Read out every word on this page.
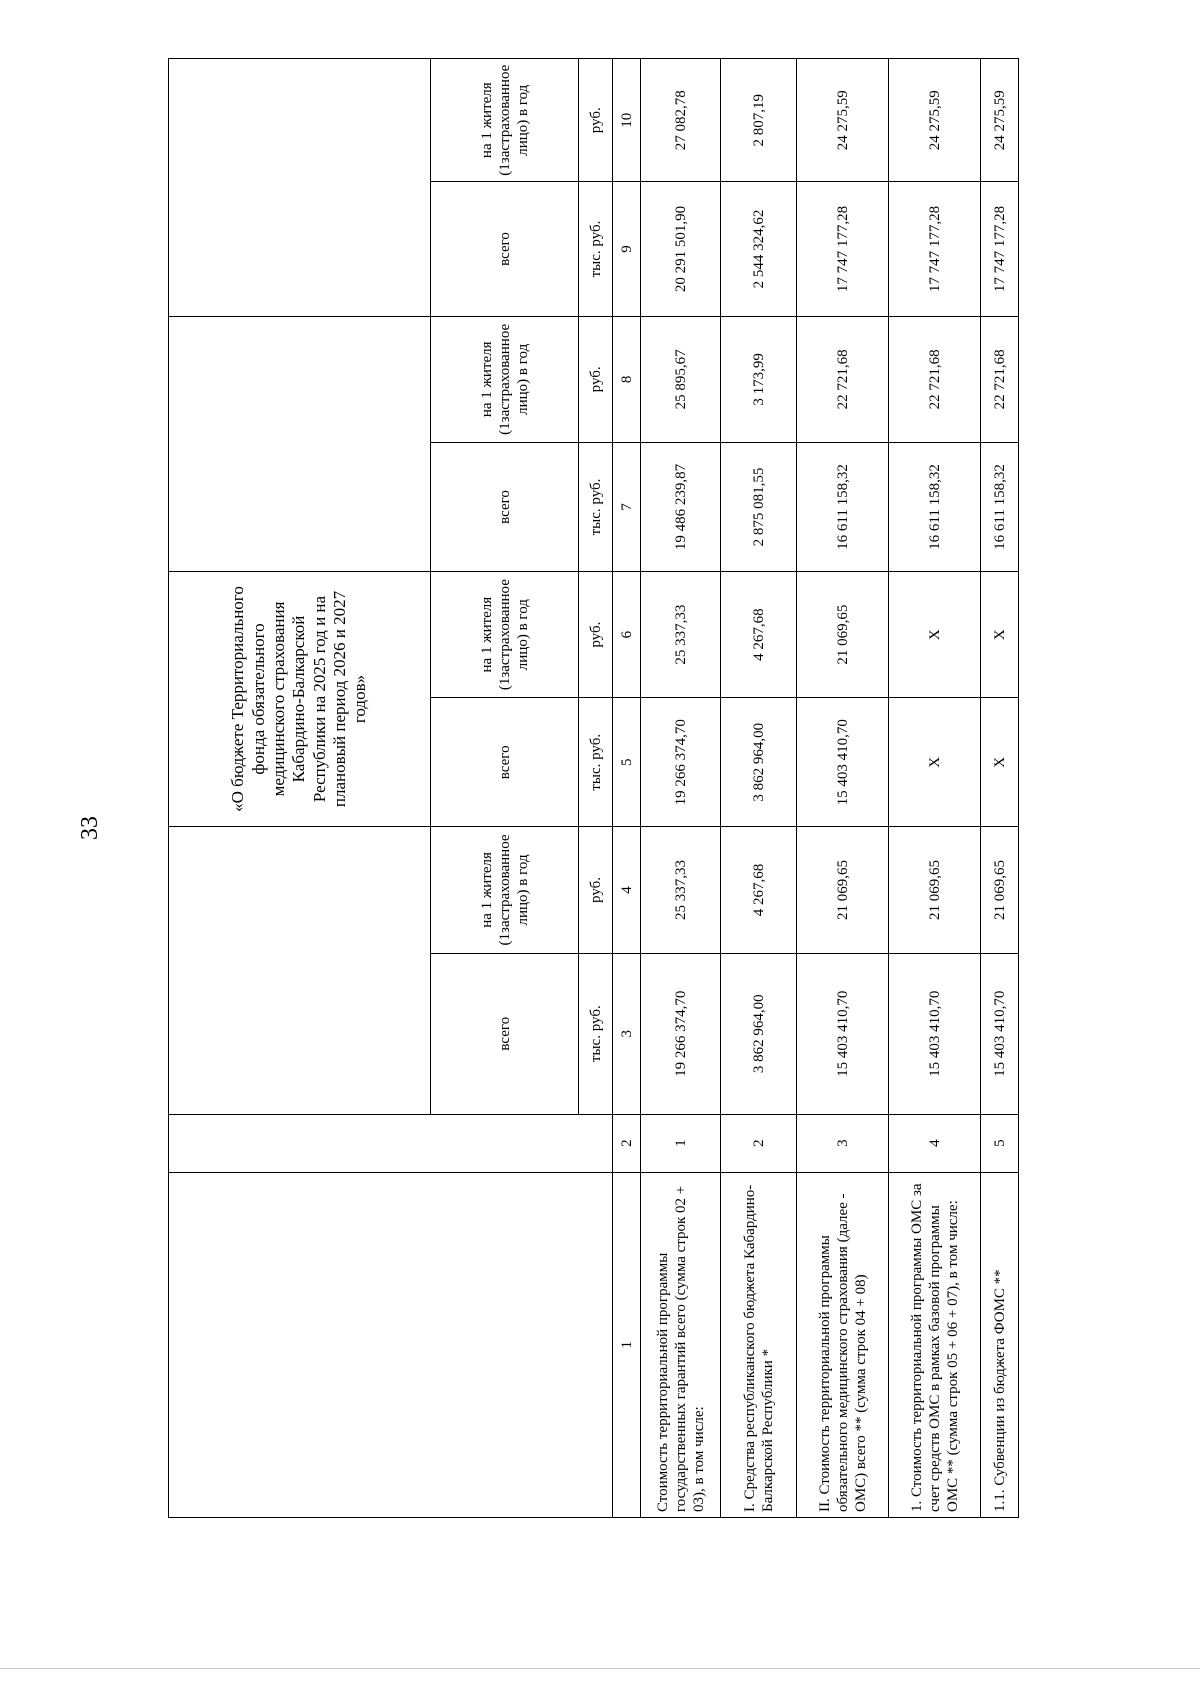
33
				«О бюджете Территориального фонда обязательного медицинского страхования Кабардино-Балкарской Республики на 2025 год и на плановый период 2026 и 2027 годов»					
		всего	на 1 жителя (1застрахованное лицо) в год	всего	на 1 жителя (1застрахованное лицо) в год	всего	на 1 жителя (1застрахованное лицо) в год	всего	на 1 жителя (1застрахованное лицо) в год
		тыс. руб.	руб.	тыс. руб.	руб.	тыс. руб.	руб.	тыс. руб.	руб.
1	2	3	4	5	6	7	8	9	10
Стоимость территориальной программы государственных гарантий всего (сумма строк 02 + 03), в том числе:	1	19 266 374,70	25 337,33	19 266 374,70	25 337,33	19 486 239,87	25 895,67	20 291 501,90	27 082,78
I. Средства республиканского бюджета Кабардино-Балкарской Республики *	2	3 862 964,00	4 267,68	3 862 964,00	4 267,68	2 875 081,55	3 173,99	2 544 324,62	2 807,19
II. Стоимость территориальной программы обязательного медицинского страхования (далее - ОМС) всего ** (сумма строк 04 + 08)	3	15 403 410,70	21 069,65	15 403 410,70	21 069,65	16 611 158,32	22 721,68	17 747 177,28	24 275,59
1. Стоимость территориальной программы ОМС за счет средств ОМС в рамках базовой программы ОМС ** (сумма строк 05 + 06 + 07), в том числе:	4	15 403 410,70	21 069,65	Х	Х	16 611 158,32	22 721,68	17 747 177,28	24 275,59
1.1. Субвенции из бюджета ФОМС **	5	15 403 410,70	21 069,65	Х	Х	16 611 158,32	22 721,68	17 747 177,28	24 275,59
